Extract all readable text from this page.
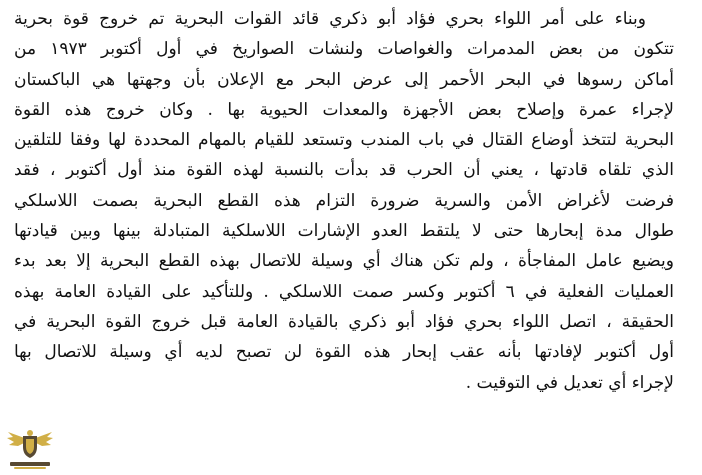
وبناء على أمر اللواء بحري فؤاد أبو ذكري قائد القوات البحرية تم خروج قوة بحرية
تتكون من بعض المدمرات والغواصات ولنشات الصواريخ في أول أكتوبر ١٩٧٣ من
أماكن رسوها في البحر الأحمر إلى عرض البحر مع الإعلان بأن وجهتها هي الباكستان
لإجراء عمرة وإصلاح بعض الأجهزة والمعدات الحيوية بها . وكان خروج هذه القوة
البحرية لتتخذ أوضاع القتال في باب المندب وتستعد للقيام بالمهام المحددة لها وفقا للتلقين
الذي تلقاه قادتها ، يعني أن الحرب قد بدأت بالنسبة لهذه القوة منذ أول أكتوبر ، فقد
فرضت لأغراض الأمن والسرية ضرورة التزام هذه القطع البحرية بصمت اللاسلكي
طوال مدة إبحارها حتى لا يلتقط العدو الإشارات اللاسلكية المتبادلة بينها وبين قيادتها
ويضيع عامل المفاجأة ، ولم تكن هناك أي وسيلة للاتصال بهذه القطع البحرية إلا بعد بدء
العمليات الفعلية في ٦ أكتوبر وكسر صمت اللاسلكي . وللتأكيد على القيادة العامة بهذه
الحقيقة ، اتصل اللواء بحري فؤاد أبو ذكري بالقيادة العامة قبل خروج القوة البحرية في
أول أكتوبر لإفادتها بأنه عقب إبحار هذه القوة لن تصبح لديه أي وسيلة للاتصال بها
لإجراء أي تعديل في التوقيت .
